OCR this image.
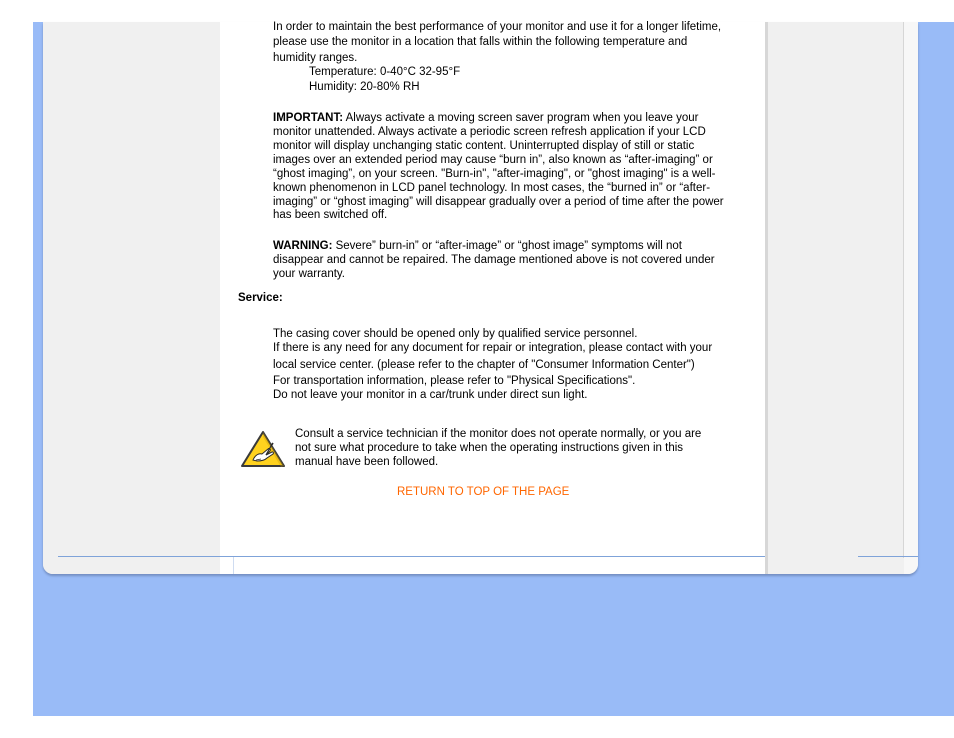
In order to maintain the best performance of your monitor and use it for a longer lifetime,
please use the monitor in a location that falls within the following temperature and
humidity ranges.
Temperature: 0-40°C 32-95°F
Humidity: 20-80% RH
IMPORTANT: Always activate a moving screen saver program when you leave your
monitor unattended. Always activate a periodic screen refresh application if your LCD
monitor will display unchanging static content. Uninterrupted display of still or static
images over an extended period may cause “burn in”, also known as “after-imaging” or
“ghost imaging”, on your screen. "Burn-in", "after-imaging", or "ghost imaging" is a well-
known phenomenon in LCD panel technology. In most cases, the “burned in” or “after-
imaging” or “ghost imaging” will disappear gradually over a period of time after the power
has been switched off.
WARNING: Severe” burn-in” or “after-image” or “ghost image” symptoms will not
disappear and cannot be repaired. The damage mentioned above is not covered under
your warranty.
Service:
The casing cover should be opened only by qualified service personnel.
If there is any need for any document for repair or integration, please contact with your
local service center. (please refer to the chapter of "Consumer Information Center")
For transportation information, please refer to "Physical Specifications".
Do not leave your monitor in a car/trunk under direct sun light.
Consult a service technician if the monitor does not operate normally, or you are
not sure what procedure to take when the operating instructions given in this
manual have been followed.
RETURN TO TOP OF THE PAGE
